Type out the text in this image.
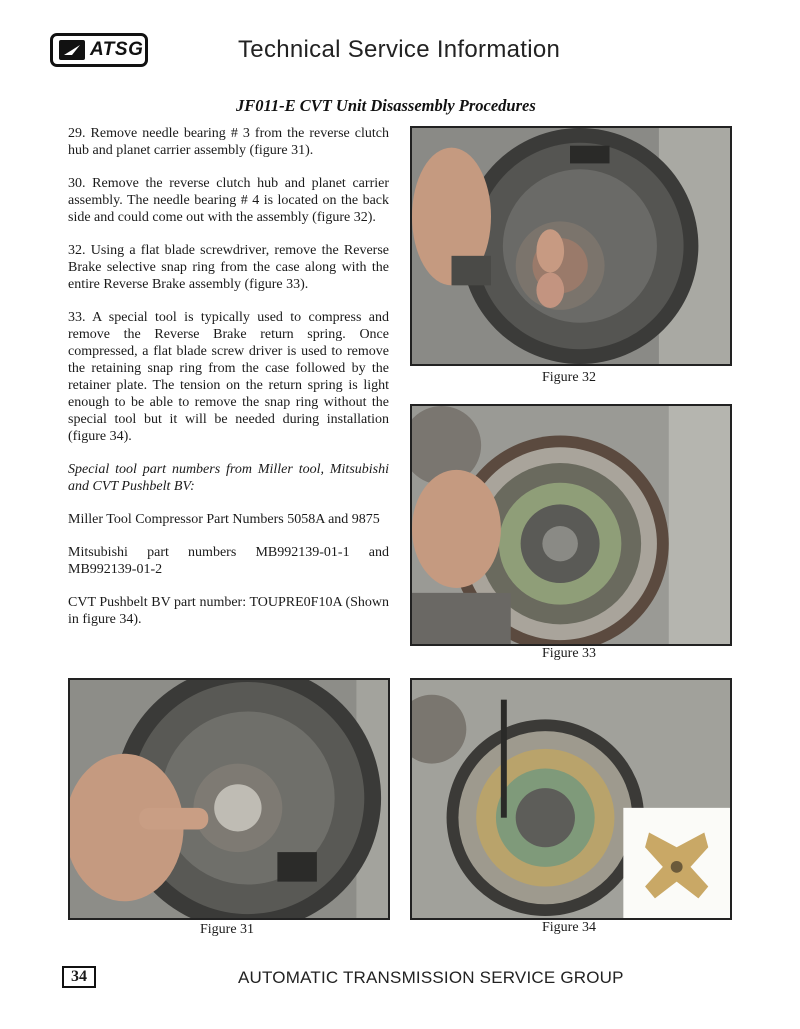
ATSG	Technical Service Information
JF011-E CVT Unit Disassembly Procedures

29. Remove needle bearing # 3 from the reverse clutch hub and planet carrier assembly (figure 31).

30. Remove the reverse clutch hub and planet carrier assembly. The needle bearing # 4 is located on the back side and could come out with the assembly (figure 32).

32. Using a flat blade screwdriver, remove the Reverse Brake selective snap ring from the case along with the entire Reverse Brake assembly (figure 33).

33. A special tool is typically used to compress and remove the Reverse Brake return spring. Once compressed, a flat blade screw driver is used to remove the retaining snap ring from the case followed by the retainer plate. The tension on the return spring is light enough to be able to remove the snap ring without the special tool but it will be needed during installation (figure 34).

Special tool part numbers from Miller tool, Mitsubishi and CVT Pushbelt BV:

Miller Tool Compressor Part Numbers 5058A and 9875

Mitsubishi part numbers MB992139-01-1 and MB992139-01-2

CVT Pushbelt BV part number: TOUPRE0F10A (Shown in figure 34).

Figure 32
Figure 33
Figure 31	Figure 34
34	AUTOMATIC TRANSMISSION SERVICE GROUP
